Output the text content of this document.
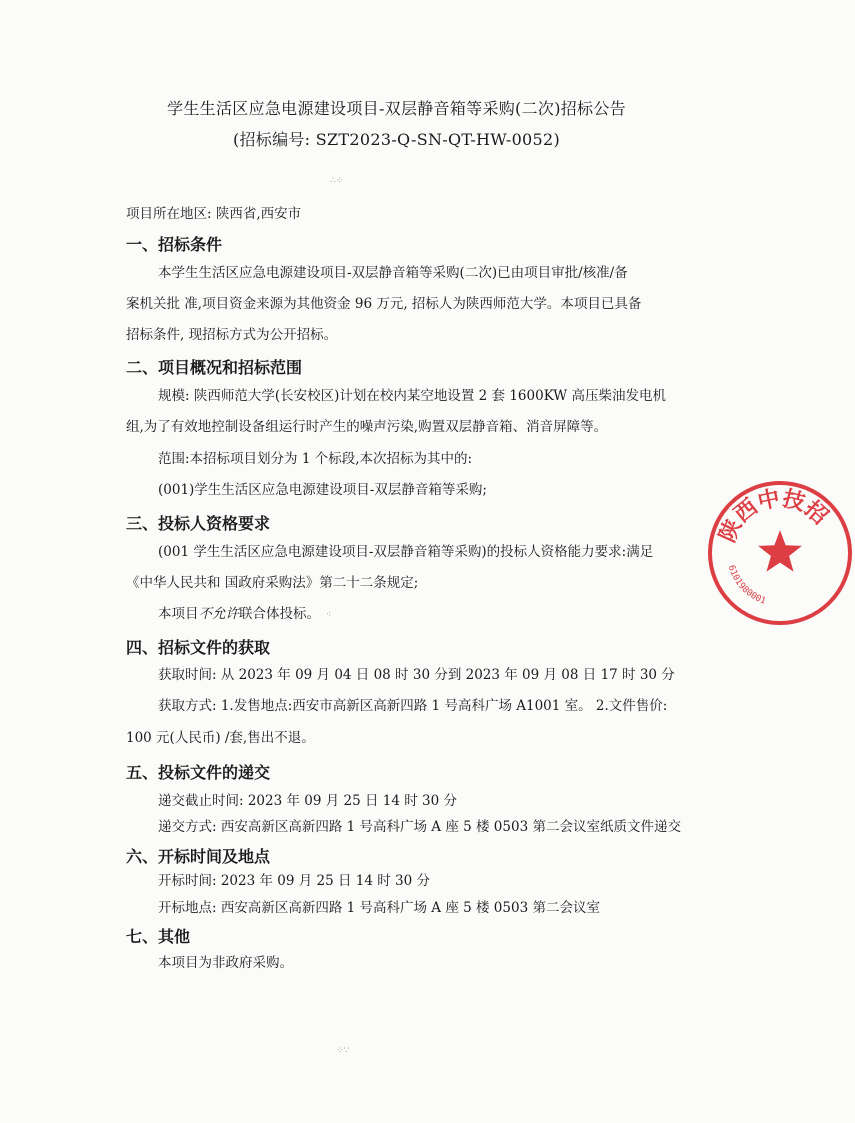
学生生活区应急电源建设项目-双层静音箱等采购(二次)招标公告
(招标编号: SZT2023-Q-SN-QT-HW-0052)
∴⁘
项目所在地区: 陕西省,西安市
一、招标条件
本学生生活区应急电源建设项目-双层静音箱等采购(二次)已由项目审批/核准/备
案机关批 准,项目资金来源为其他资金 96 万元, 招标人为陕西师范大学。本项目已具备
招标条件, 现招标方式为公开招标。
二、项目概况和招标范围
规模: 陕西师范大学(长安校区)计划在校内某空地设置 2 套 1600KW 高压柴油发电机
组,为了有效地控制设备组运行时产生的噪声污染,购置双层静音箱、消音屏障等。
范围:本招标项目划分为 1 个标段,本次招标为其中的:
(001)学生生活区应急电源建设项目-双层静音箱等采购;
三、投标人资格要求
(001 学生生活区应急电源建设项目-双层静音箱等采购)的投标人资格能力要求:满足
《中华人民共和 国政府采购法》第二十二条规定;
本项目不允许联合体投标。 ⁖
四、招标文件的获取
获取时间: 从 2023 年 09 月 04 日 08 时 30 分到 2023 年 09 月 08 日 17 时 30 分
获取方式: 1.发售地点:西安市高新区高新四路 1 号高科广场 A1001 室。 2.文件售价:
100 元(人民币) /套,售出不退。
五、投标文件的递交
递交截止时间: 2023 年 09 月 25 日 14 时 30 分
递交方式: 西安高新区高新四路 1 号高科广场 A 座 5 楼 0503 第二会议室纸质文件递交
六、开标时间及地点
开标时间: 2023 年 09 月 25 日 14 时 30 分
开标地点: 西安高新区高新四路 1 号高科广场 A 座 5 楼 0503 第二会议室
七、其他
本项目为非政府采购。
⁘∵
陕西中技招
6101980001
